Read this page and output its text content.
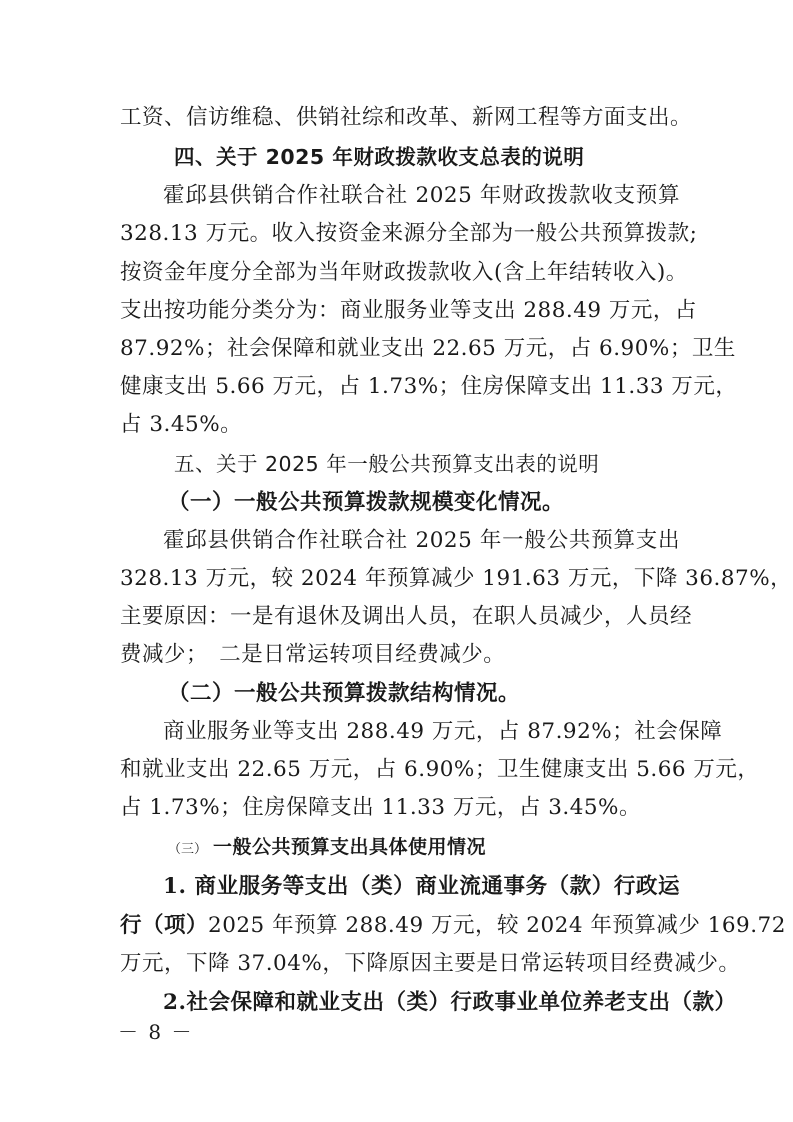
工资、信访维稳、供销社综和改革、新网工程等方面支出。
四、关于 2025 年财政拨款收支总表的说明
霍邱县供销合作社联合社 2025 年财政拨款收支预算
328.13 万元。收入按资金来源分全部为一般公共预算拨款;
按资金年度分全部为当年财政拨款收入(含上年结转收入)。
支出按功能分类分为：商业服务业等支出 288.49 万元，占
87.92%；社会保障和就业支出 22.65 万元，占 6.90%；卫生
健康支出 5.66 万元，占 1.73%；住房保障支出 11.33 万元，
占 3.45%。
五、关于 2025 年一般公共预算支出表的说明
（一）一般公共预算拨款规模变化情况。
霍邱县供销合作社联合社 2025 年一般公共预算支出
328.13 万元，较 2024 年预算减少 191.63 万元，下降 36.87%，
主要原因：一是有退休及调出人员，在职人员减少，人员经
费减少；　二是日常运转项目经费减少。
（二）一般公共预算拨款结构情况。
商业服务业等支出 288.49 万元，占 87.92%；社会保障
和就业支出 22.65 万元，占 6.90%；卫生健康支出 5.66 万元，
占 1.73%；住房保障支出 11.33 万元，占 3.45%。
（三） 一般公共预算支出具体使用情况
1. 商业服务等支出（类）商业流通事务（款）行政运
行（项）2025 年预算 288.49 万元，较 2024 年预算减少 169.72
万元，下降 37.04%，下降原因主要是日常运转项目经费减少。
2.社会保障和就业支出（类）行政事业单位养老支出（款）
－ 8 －
